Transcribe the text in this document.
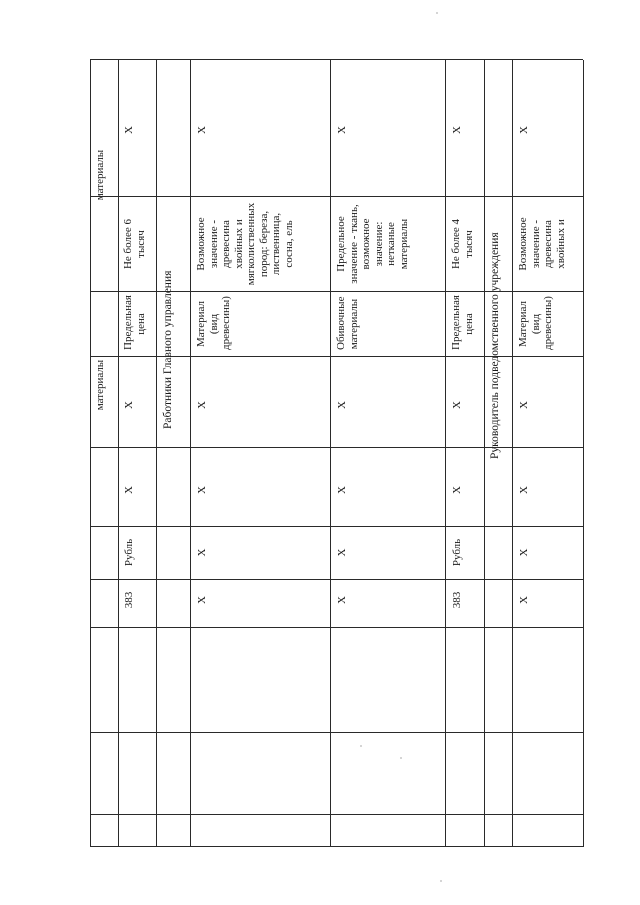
материалы
материалы
383
Рубль
X
X
Предельная цена
Не более 6 тысяч
X
Работники Главного управления
X
X
X
X
Материал (вид древесины)
Возможное значение - древесина хвойных и мягколиственных пород: береза, лиственница, сосна, ель
X
X
X
X
X
Обивочные материалы
Предельное значение - ткань, возможное значение: нетканые материалы
X
383
Рубль
X
X
Предельная цена
Не более 4 тысяч
X
Руководитель подведомственного учреждения
X
X
X
X
Материал (вид древесины)
Возможное значение - древесина хвойных и
X
